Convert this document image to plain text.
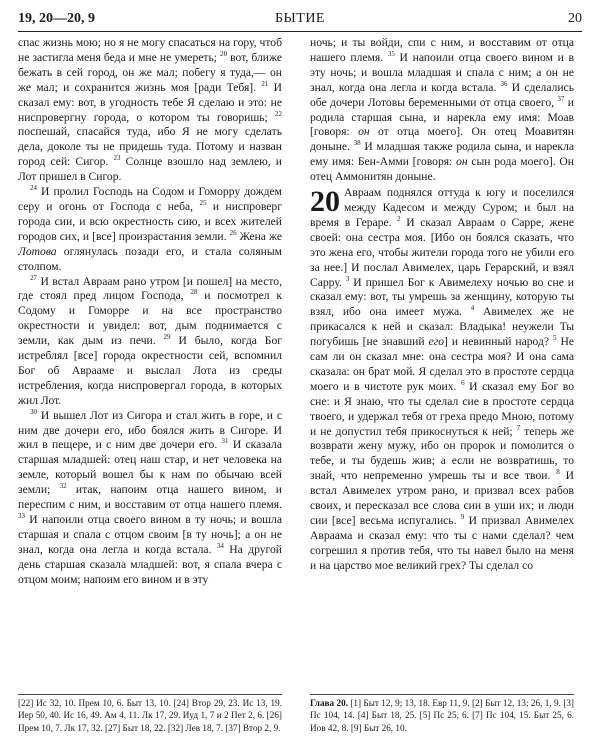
19, 20—20, 9	БЫТИЕ	20

спас жизнь мою; но я не могу спасаться на гору, чтоб не застигла меня беда и мне не умереть; $^{20}$ вот, ближе бежать в сей город, он же мал; побегу я туда,— он же мал; и сохранится жизнь моя [ради Тебя]. $^{21}$ И сказал ему: вот, в угодность тебе Я сделаю и это: не ниспровергну города, о котором ты говоришь; $^{22}$ поспешай, спасайся туда, ибо Я не могу сделать дела, доколе ты не придешь туда. Потому и назван город сей: Сигор. $^{23}$ Солнце взошло над землею, и Лот пришел в Сигор.

$^{24}$ И пролил Господь на Содом и Гоморру дождем серу и огонь от Господа с неба, $^{25}$ и ниспроверг города сии, и всю окрестность сию, и всех жителей городов сих, и [все] произрастания земли. $^{26}$ Жена же Лотова оглянулась позади его, и стала соляным столпом.

$^{27}$ И встал Авраам рано утром [и пошел] на место, где стоял пред лицом Господа, $^{28}$ и посмотрел к Содому и Гоморре и на все пространство окрестности и увидел: вот, дым поднимается с земли, как дым из печи. $^{29}$ И было, когда Бог истреблял [все] города окрестности сей, вспомнил Бог об Аврааме и выслал Лота из среды истребления, когда ниспровергал города, в которых жил Лот.

$^{30}$ И вышел Лот из Сигора и стал жить в горе, и с ним две дочери его, ибо боялся жить в Сигоре. И жил в пещере, и с ним две дочери его. $^{31}$ И сказала старшая младшей: отец наш стар, и нет человека на земле, который вошел бы к нам по обычаю всей земли; $^{32}$ итак, напоим отца нашего вином, и переспим с ним, и восставим от отца нашего племя. $^{33}$ И напоили отца своего вином в ту ночь; и вошла старшая и спала с отцом своим [в ту ночь]; а он не знал, когда она легла и когда встала. $^{34}$ На другой день старшая сказала младшей: вот, я спала вчера с отцом моим; напоим его вином и в эту

ночь; и ты войди, спи с ним, и восставим от отца нашего племя. $^{35}$ И напоили отца своего вином и в эту ночь; и вошла младшая и спала с ним; а он не знал, когда она легла и когда встала. $^{36}$ И сделались обе дочери Лотовы беременными от отца своего, $^{37}$ и родила старшая сына, и нарекла ему имя: Моав [говоря: он от отца моего]. Он отец Моавитян доныне. $^{38}$ И младшая также родила сына, и нарекла ему имя: Бен-Амми [говоря: он сын рода моего]. Он отец Аммонитян доныне.

20 Авраам поднялся оттуда к югу и поселился между Кадесом и между Суром; и был на время в Гераре. $^2$ И сказал Авраам о Сарре, жене своей: она сестра моя. [Ибо он боялся сказать, что это жена его, чтобы жители города того не убили его за нее.] И послал Авимелех, царь Герарский, и взял Сарру. $^3$ И пришел Бог к Авимелеху ночью во сне и сказал ему: вот, ты умрешь за женщину, которую ты взял, ибо она имеет мужа. $^4$ Авимелех же не прикасался к ней и сказал: Владыка! неужели Ты погубишь [не знавший его] и невинный народ? $^5$ Не сам ли он сказал мне: она сестра моя? И она сама сказала: он брат мой. Я сделал это в простоте сердца моего и в чистоте рук моих. $^6$ И сказал ему Бог во сне: и Я знаю, что ты сделал сие в простоте сердца твоего, и удержал тебя от греха предо Мною, потому и не допустил тебя прикоснуться к ней; $^7$ теперь же возврати жену мужу, ибо он пророк и помолится о тебе, и ты будешь жив; а если не возвратишь, то знай, что непременно умрешь ты и все твои. $^8$ И встал Авимелех утром рано, и призвал всех рабов своих, и пересказал все слова сии в уши их; и люди сии [все] весьма испугались. $^9$ И призвал Авимелех Авраама и сказал ему: что ты с нами сделал? чем согрешил я против тебя, что ты навел было на меня и на царство мое великий грех? Ты сделал со

[22] Ис 32, 10. Прем 10, 6. Быт 13, 10. [24] Втор 29, 23. Ис 13, 19. Иер 50, 40. Ис 16, 49. Ам 4, 11. Лк 17, 29. Иуд 1, 7 и 2 Пет 2, 6. [26] Прем 10, 7. Лк 17, 32. [27] Быт 18, 22. [32] Лев 18, 7. [37] Втор 2, 9.
Глава 20. [1] Быт 12, 9; 13, 18. Евр 11, 9. [2] Быт 12, 13; 26, 1, 9. [3] Пс 104, 14. [4] Быт 18, 25. [5] Пс 25, 6. [7] Пс 104, 15. Быт 25, 6. Иов 42, 8. [9] Быт 26, 10.
